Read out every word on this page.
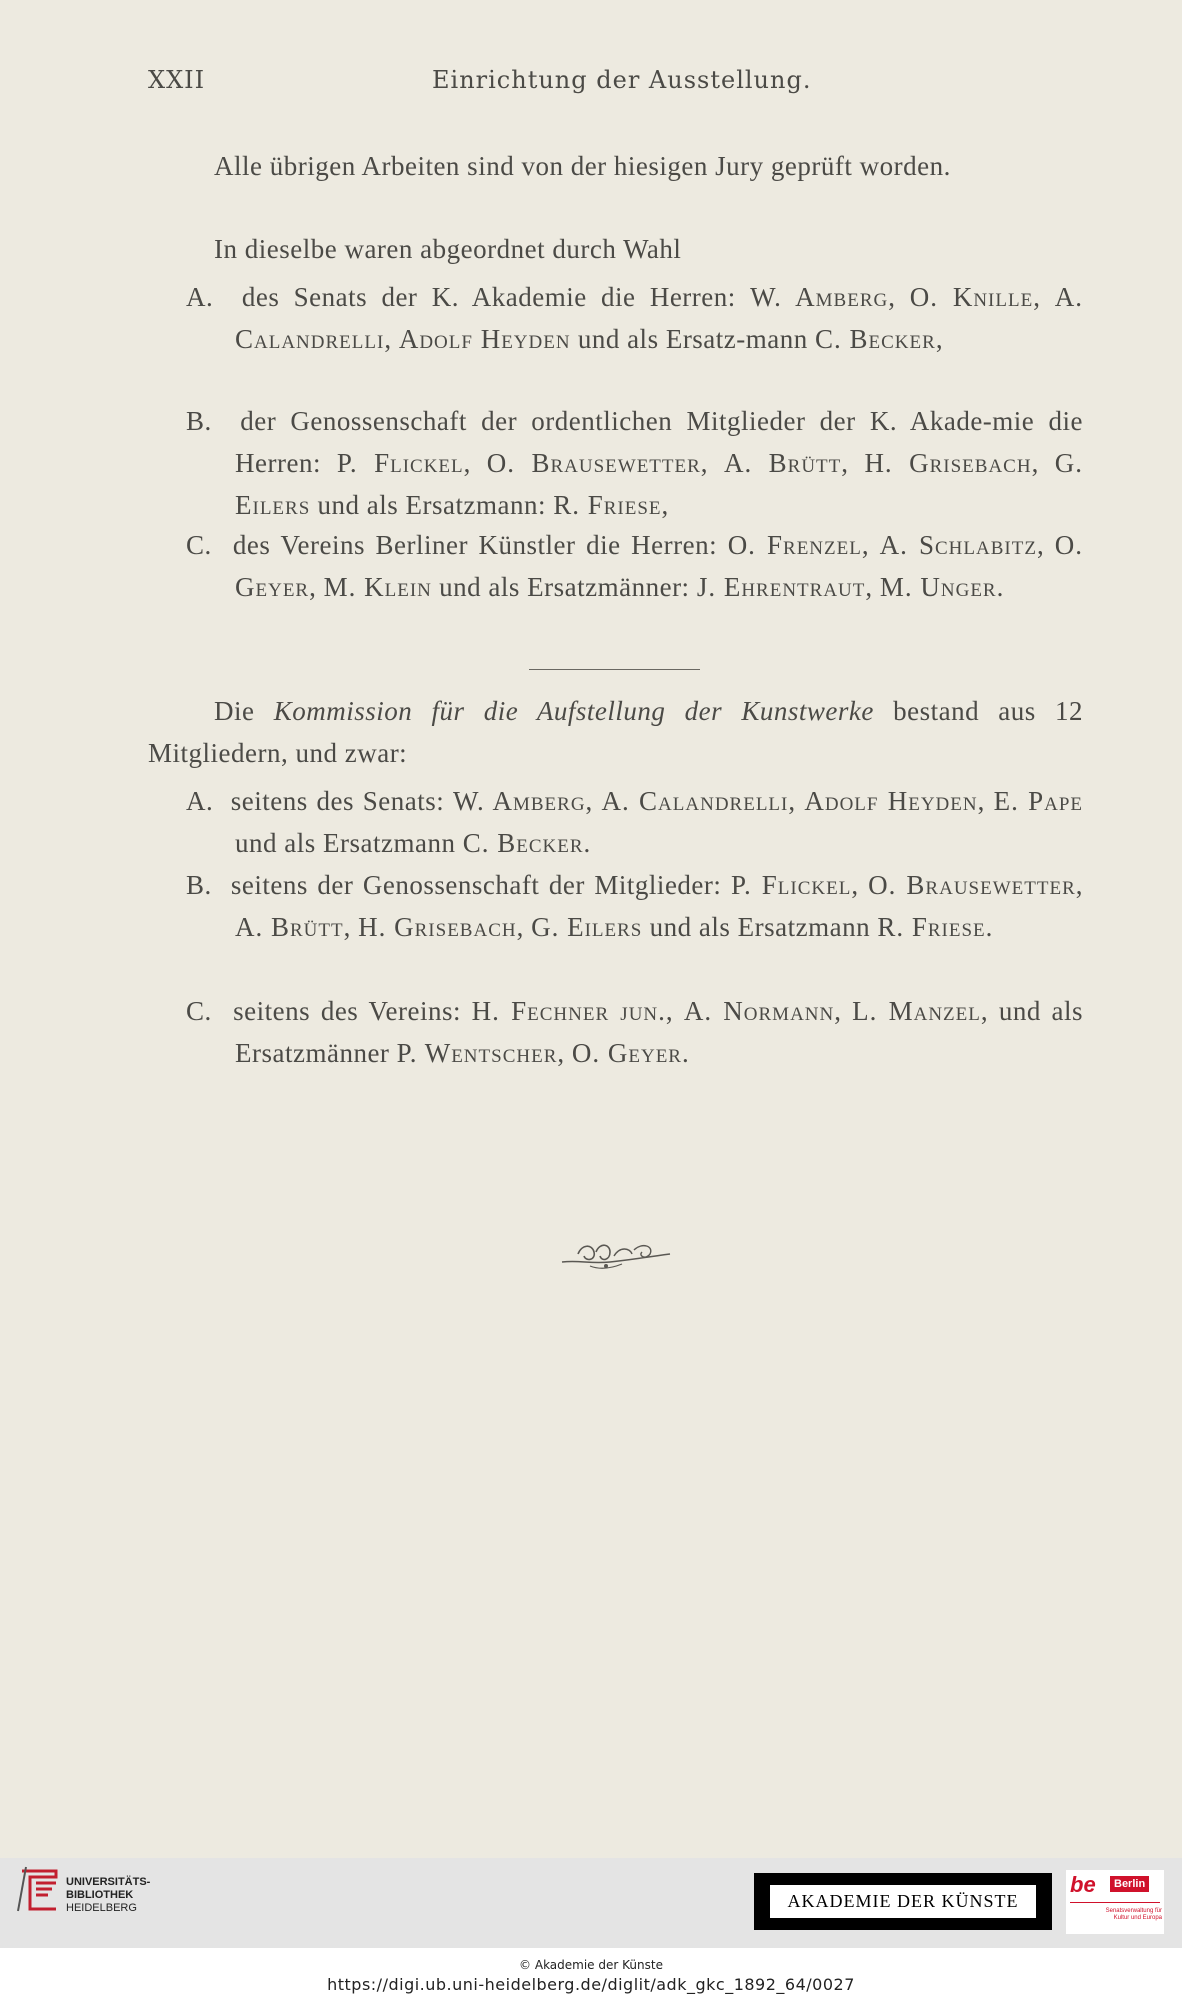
XXII	Einrichtung der Ausstellung.
Alle übrigen Arbeiten sind von der hiesigen Jury geprüft worden.
In dieselbe waren abgeordnet durch Wahl
A. des Senats der K. Akademie die Herren: W. Amberg, O. Knille, A. Calandrelli, Adolf Heyden und als Ersatz-mann C. Becker,
B. der Genossenschaft der ordentlichen Mitglieder der K. Akade-mie die Herren: P. Flickel, O. Brausewetter, A. Brütt, H. Grisebach, G. Eilers und als Ersatzmann: R. Friese,
C. des Vereins Berliner Künstler die Herren: O. Frenzel, A. Schlabitz, O. Geyer, M. Klein und als Ersatzmänner: J. Ehrentraut, M. Unger.
Die Kommission für die Aufstellung der Kunstwerke bestand aus 12 Mitgliedern, und zwar:
A. seitens des Senats: W. Amberg, A. Calandrelli, Adolf Heyden, E. Pape und als Ersatzmann C. Becker.
B. seitens der Genossenschaft der Mitglieder: P. Flickel, O. Brausewetter, A. Brütt, H. Grisebach, G. Eilers und als Ersatzmann R. Friese.
C. seitens des Vereins: H. Fechner jun., A. Normann, L. Manzel, und als Ersatzmänner P. Wentscher, O. Geyer.
UNIVERSITÄTS-
BIBLIOTHEK
HEIDELBERG	AKADEMIE DER KÜNSTE
be	Berlin
Senatsverwaltung für Kultur und Europa
© Akademie der Künste
https://digi.ub.uni-heidelberg.de/diglit/adk_gkc_1892_64/0027
